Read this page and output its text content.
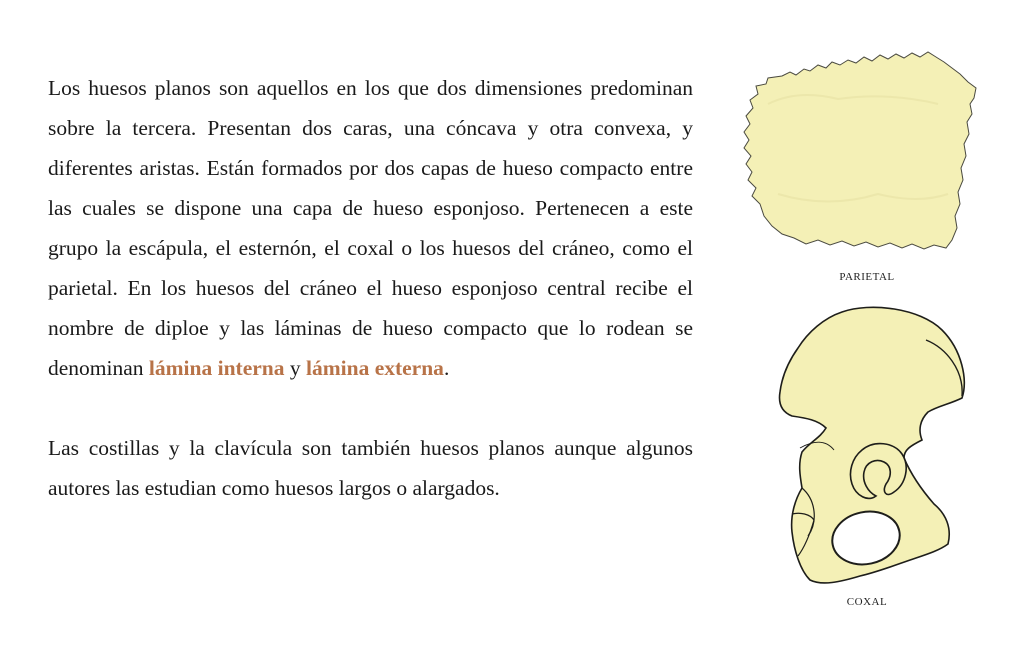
Los huesos planos son aquellos en los que dos dimensiones predominan sobre la tercera. Presentan dos caras, una cóncava y otra convexa, y diferentes aristas. Están formados por dos capas de hueso compacto entre las cuales se dispone una capa de hueso esponjoso. Pertenecen a este grupo la escápula, el esternón, el coxal o los huesos del cráneo, como el parietal. En los huesos del cráneo el hueso esponjoso central recibe el nombre de diploe y las láminas de hueso compacto que lo rodean se denominan lámina interna y lámina externa.

Las costillas y la clavícula son también huesos planos aunque algunos autores las estudian como huesos largos o alargados.

PARIETAL
COXAL
